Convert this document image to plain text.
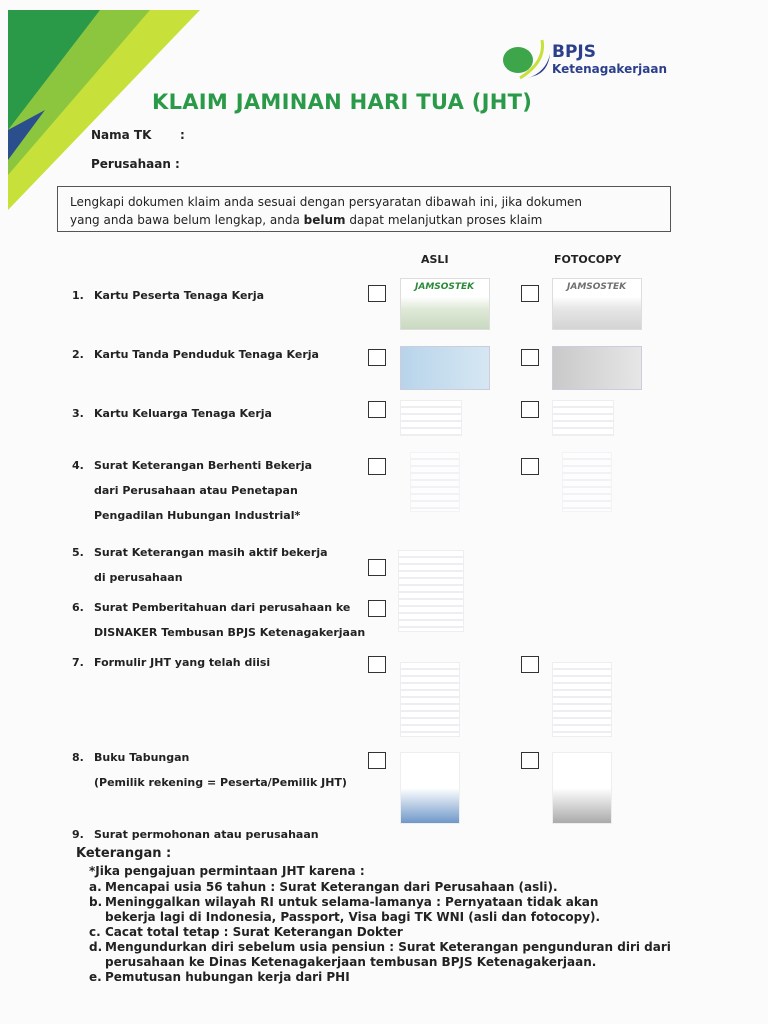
BPJS
Ketenagakerjaan
KLAIM JAMINAN HARI TUA (JHT)
Nama TK :
Perusahaan :
Lengkapi dokumen klaim anda sesuai dengan persyaratan dibawah ini, jika dokumen
yang anda bawa belum lengkap, anda belum dapat melanjutkan proses klaim
ASLI	FOTOCOPY
1. Kartu Peserta Tenaga Kerja
2. Kartu Tanda Penduduk Tenaga Kerja
3. Kartu Keluarga Tenaga Kerja
4. Surat Keterangan Berhenti Bekerja
dari Perusahaan atau Penetapan
Pengadilan Hubungan Industrial*
5. Surat Keterangan masih aktif bekerja
di perusahaan
6. Surat Pemberitahuan dari perusahaan ke
DISNAKER Tembusan BPJS Ketenagakerjaan
7. Formulir JHT yang telah diisi
8. Buku Tabungan
(Pemilik rekening = Peserta/Pemilik JHT)
9. Surat permohonan atau perusahaan
JAMSOSTEK	JAMSOSTEK
Keterangan :
*Jika pengajuan permintaan JHT karena :
a. Mencapai usia 56 tahun : Surat Keterangan dari Perusahaan (asli).
b. Meninggalkan wilayah RI untuk selama-lamanya : Pernyataan tidak akan
bekerja lagi di Indonesia, Passport, Visa bagi TK WNI (asli dan fotocopy).
c. Cacat total tetap : Surat Keterangan Dokter
d. Mengundurkan diri sebelum usia pensiun : Surat Keterangan pengunduran diri dari
perusahaan ke Dinas Ketenagakerjaan tembusan BPJS Ketenagakerjaan.
e. Pemutusan hubungan kerja dari PHI
